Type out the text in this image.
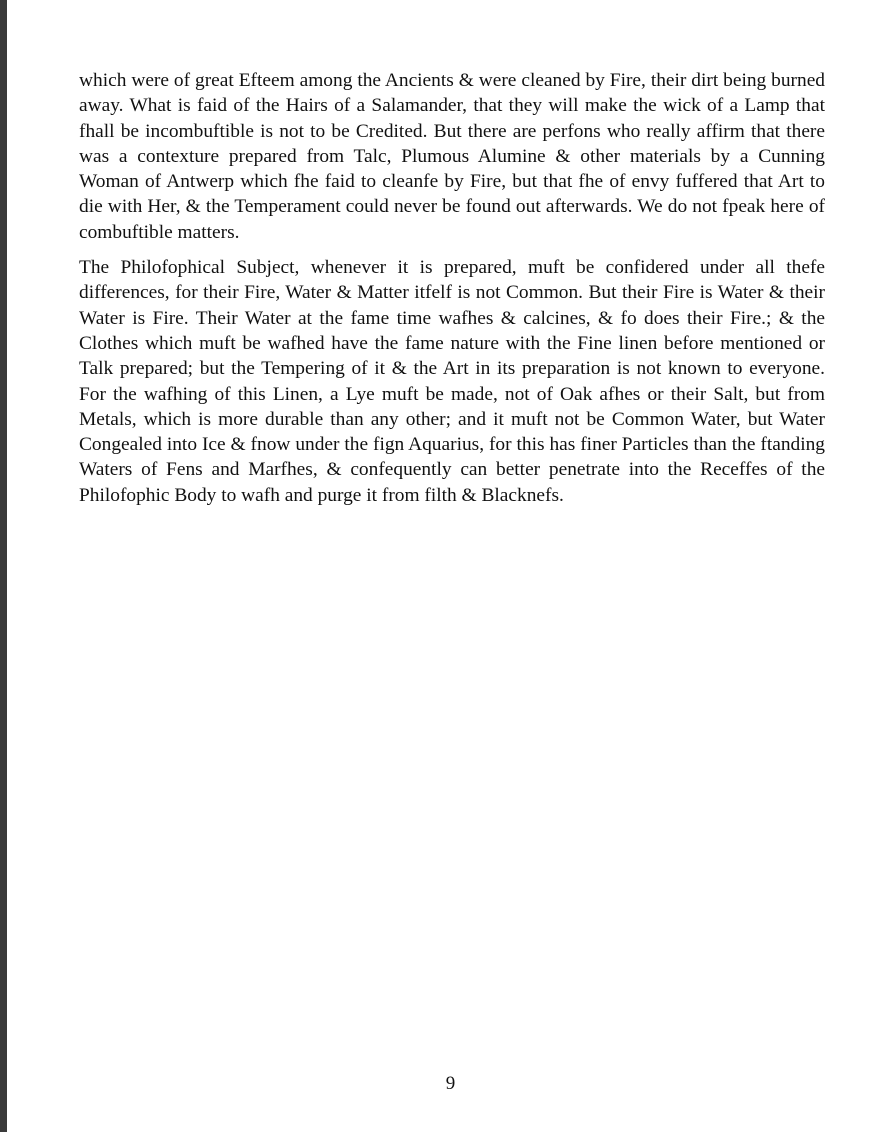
which were of great Efteem among the Ancients & were cleaned by Fire, their dirt being burned away. What is faid of the Hairs of a Salamander, that they will make the wick of a Lamp that fhall be incombuftible is not to be Credited. But there are perfons who really affirm that there was a contexture prepared from Talc, Plumous Alumine & other materials by a Cunning Woman of Antwerp which fhe faid to cleanfe by Fire, but that fhe of envy fuffered that Art to die with Her, & the Temperament could never be found out afterwards. We do not fpeak here of combuftible matters.

The Philofophical Subject, whenever it is prepared, muft be confidered under all thefe differences, for their Fire, Water & Matter itfelf is not Common. But their Fire is Water & their Water is Fire. Their Water at the fame time wafhes & calcines, & fo does their Fire.; & the Clothes which muft be wafhed have the fame nature with the Fine linen before mentioned or Talk prepared; but the Tempering of it & the Art in its preparation is not known to everyone. For the wafhing of this Linen, a Lye muft be made, not of Oak afhes or their Salt, but from Metals, which is more durable than any other; and it muft not be Common Water, but Water Congealed into Ice & fnow under the fign Aquarius, for this has finer Particles than the ftanding Waters of Fens and Marfhes, & confequently can better penetrate into the Receffes of the Philofophic Body to wafh and purge it from filth & Blacknefs.

9
